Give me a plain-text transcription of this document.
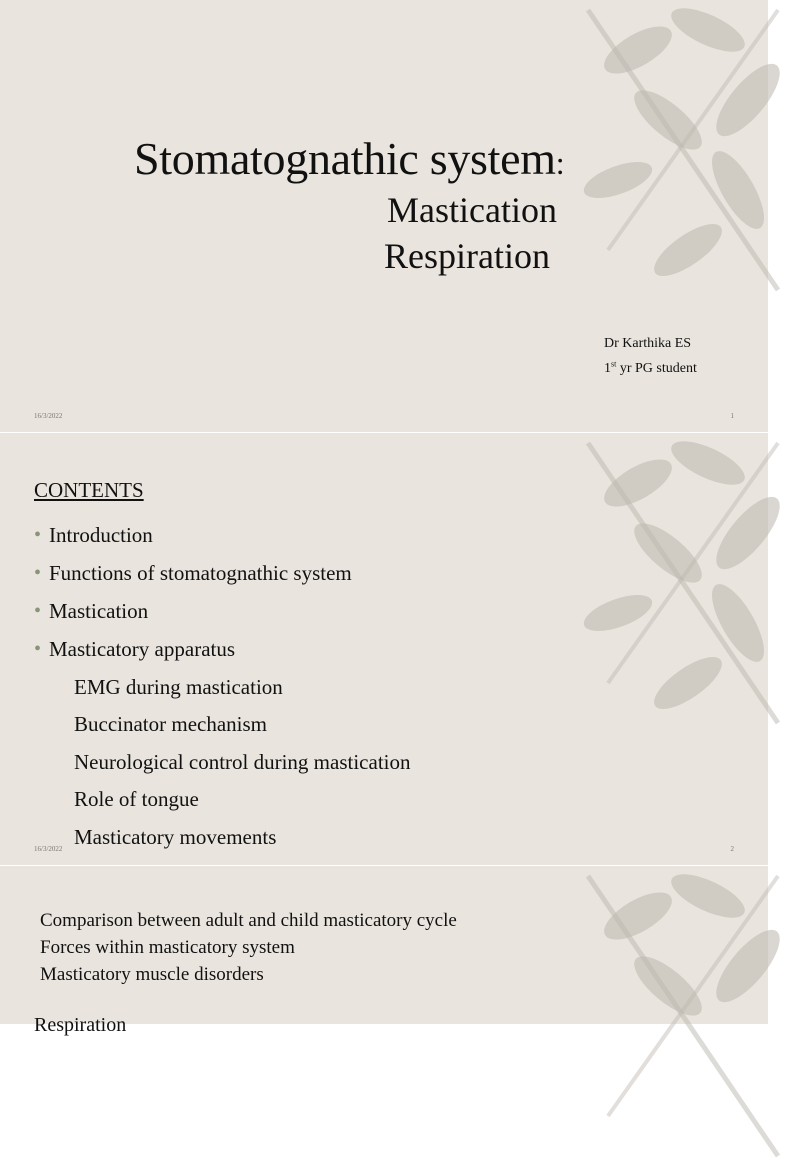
Stomatognathic system:
Mastication
Respiration
Dr Karthika ES
1st yr PG student
16/3/2022	1
CONTENTS
• Introduction
• Functions of stomatognathic system
• Mastication
• Masticatory apparatus
EMG during mastication
Buccinator mechanism
Neurological control during mastication
Role of tongue
Masticatory movements
16/3/2022	2
Comparison between adult and child masticatory cycle
Forces within masticatory system
Masticatory muscle disorders
Respiration
